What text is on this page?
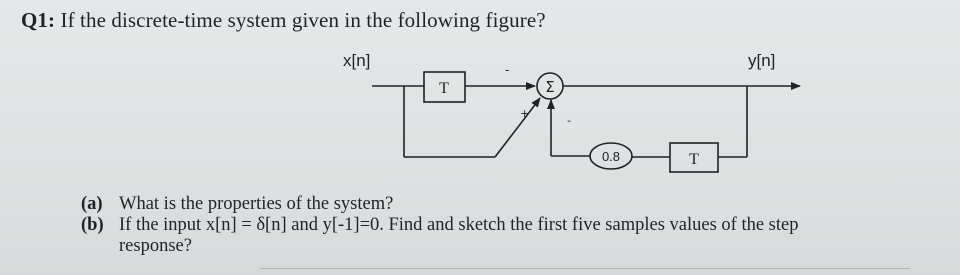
Q1: If the discrete-time system given in the following figure?
x[n]	y[n]
T	Σ
-
+
-
T
0.8
(a) What is the properties of the system?
(b) If the input x[n] = δ[n] and y[-1]=0. Find and sketch the first five samples values of the step
response?
